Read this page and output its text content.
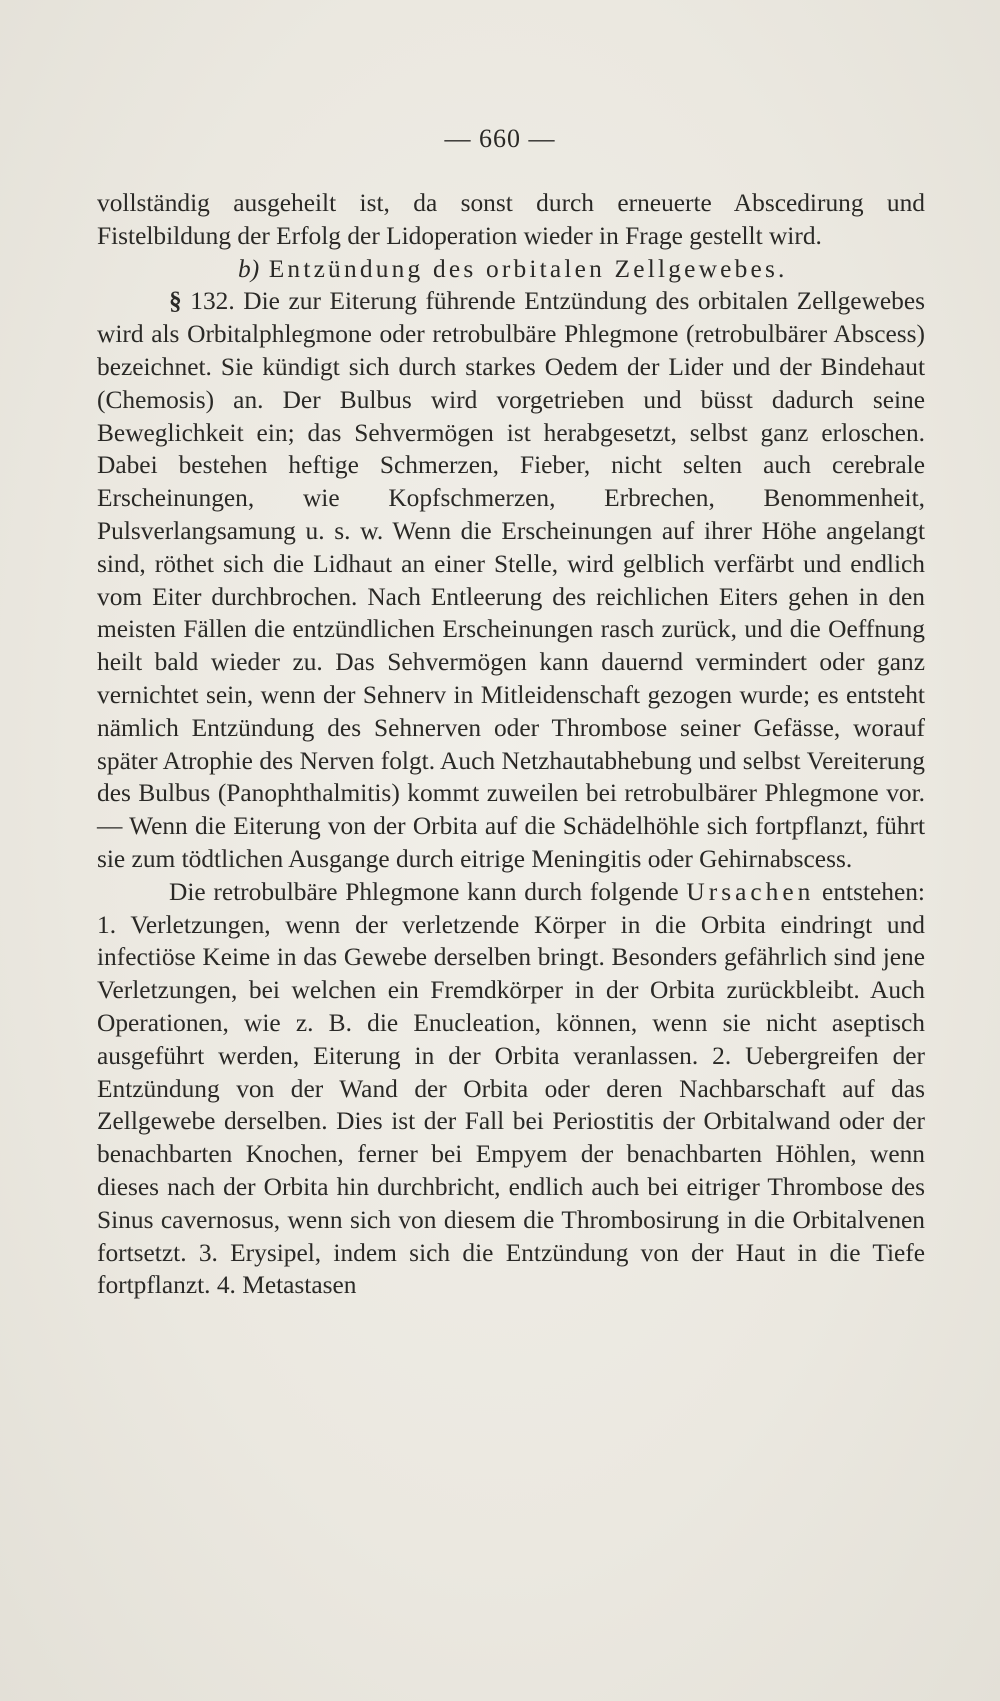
— 660 —

vollständig ausgeheilt ist, da sonst durch erneuerte Abscedirung und Fistelbildung der Erfolg der Lidoperation wieder in Frage gestellt wird.

b) Entzündung des orbitalen Zellgewebes.

§ 132. Die zur Eiterung führende Entzündung des orbitalen Zellgewebes wird als Orbitalphlegmone oder retrobulbäre Phlegmone (retrobulbärer Abscess) bezeichnet. Sie kündigt sich durch starkes Oedem der Lider und der Bindehaut (Chemosis) an. Der Bulbus wird vorgetrieben und büsst dadurch seine Beweglichkeit ein; das Sehvermögen ist herabgesetzt, selbst ganz erloschen. Dabei bestehen heftige Schmerzen, Fieber, nicht selten auch cerebrale Erscheinungen, wie Kopfschmerzen, Erbrechen, Benommenheit, Pulsverlangsamung u. s. w. Wenn die Erscheinungen auf ihrer Höhe angelangt sind, röthet sich die Lidhaut an einer Stelle, wird gelblich verfärbt und endlich vom Eiter durchbrochen. Nach Entleerung des reichlichen Eiters gehen in den meisten Fällen die entzündlichen Erscheinungen rasch zurück, und die Oeffnung heilt bald wieder zu. Das Sehvermögen kann dauernd vermindert oder ganz vernichtet sein, wenn der Sehnerv in Mitleidenschaft gezogen wurde; es entsteht nämlich Entzündung des Sehnerven oder Thrombose seiner Gefässe, worauf später Atrophie des Nerven folgt. Auch Netzhautabhebung und selbst Vereiterung des Bulbus (Panophthalmitis) kommt zuweilen bei retrobulbärer Phlegmone vor. — Wenn die Eiterung von der Orbita auf die Schädelhöhle sich fortpflanzt, führt sie zum tödtlichen Ausgange durch eitrige Meningitis oder Gehirnabscess.

Die retrobulbäre Phlegmone kann durch folgende Ursachen entstehen: 1. Verletzungen, wenn der verletzende Körper in die Orbita eindringt und infectiöse Keime in das Gewebe derselben bringt. Besonders gefährlich sind jene Verletzungen, bei welchen ein Fremdkörper in der Orbita zurückbleibt. Auch Operationen, wie z. B. die Enucleation, können, wenn sie nicht aseptisch ausgeführt werden, Eiterung in der Orbita veranlassen. 2. Uebergreifen der Entzündung von der Wand der Orbita oder deren Nachbarschaft auf das Zellgewebe derselben. Dies ist der Fall bei Periostitis der Orbitalwand oder der benachbarten Knochen, ferner bei Empyem der benachbarten Höhlen, wenn dieses nach der Orbita hin durchbricht, endlich auch bei eitriger Thrombose des Sinus cavernosus, wenn sich von diesem die Thrombosirung in die Orbitalvenen fortsetzt. 3. Erysipel, indem sich die Entzündung von der Haut in die Tiefe fortpflanzt. 4. Metastasen
